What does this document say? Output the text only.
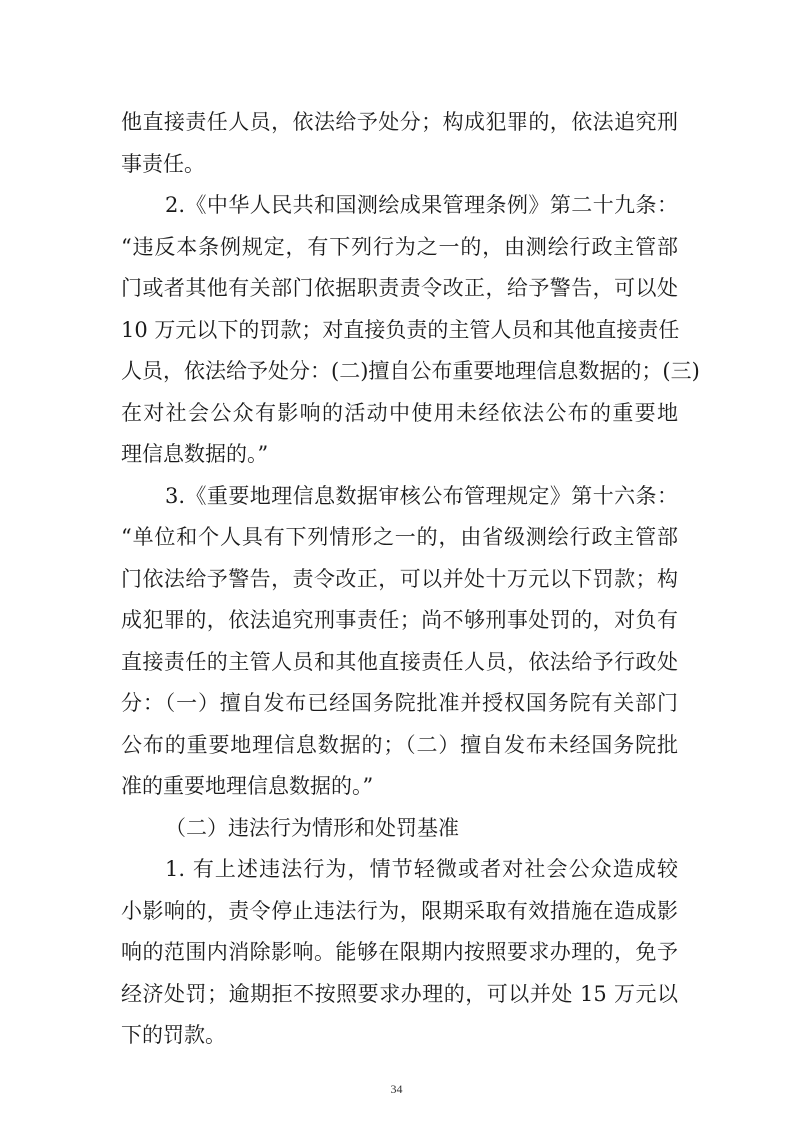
他直接责任人员，依法给予处分；构成犯罪的，依法追究刑
事责任。
2.《中华人民共和国测绘成果管理条例》第二十九条：
“违反本条例规定，有下列行为之一的，由测绘行政主管部
门或者其他有关部门依据职责责令改正，给予警告，可以处
10 万元以下的罚款；对直接负责的主管人员和其他直接责任
人员，依法给予处分：(二)擅自公布重要地理信息数据的；(三)
在对社会公众有影响的活动中使用未经依法公布的重要地
理信息数据的。”
3.《重要地理信息数据审核公布管理规定》第十六条：
“单位和个人具有下列情形之一的，由省级测绘行政主管部
门依法给予警告，责令改正，可以并处十万元以下罚款；构
成犯罪的，依法追究刑事责任；尚不够刑事处罚的，对负有
直接责任的主管人员和其他直接责任人员，依法给予行政处
分：（一）擅自发布已经国务院批准并授权国务院有关部门
公布的重要地理信息数据的；（二）擅自发布未经国务院批
准的重要地理信息数据的。”
（二）违法行为情形和处罚基准
1. 有上述违法行为，情节轻微或者对社会公众造成较
小影响的，责令停止违法行为，限期采取有效措施在造成影
响的范围内消除影响。能够在限期内按照要求办理的，免予
经济处罚；逾期拒不按照要求办理的，可以并处 15 万元以
下的罚款。
34
